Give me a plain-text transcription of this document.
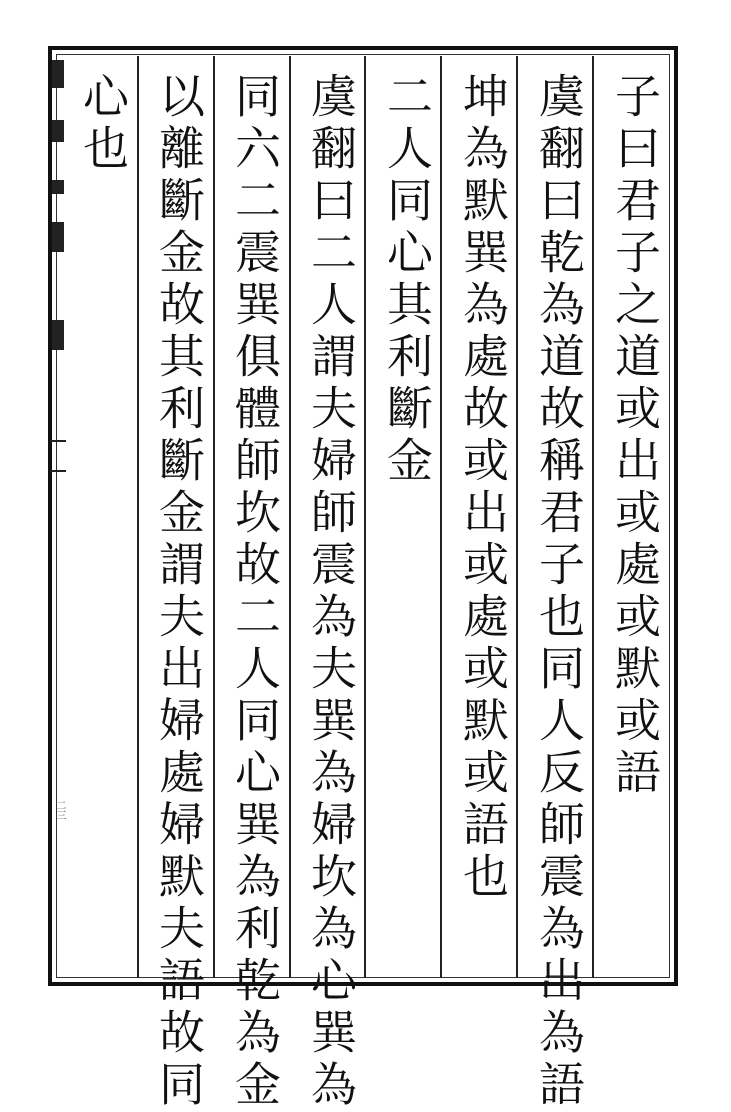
二三
子曰君子之道或出或處或默或語
虞翻曰乾為道故稱君子也同人反師震為出為語
坤為默巽為處故或出或處或默或語也
二人同心其利斷金
虞翻曰二人謂夫婦師震為夫巽為婦坎為心巽為
同六二震巽俱體師坎故二人同心巽為利乾為金
以離斷金故其利斷金謂夫出婦處婦默夫語故同
心也
